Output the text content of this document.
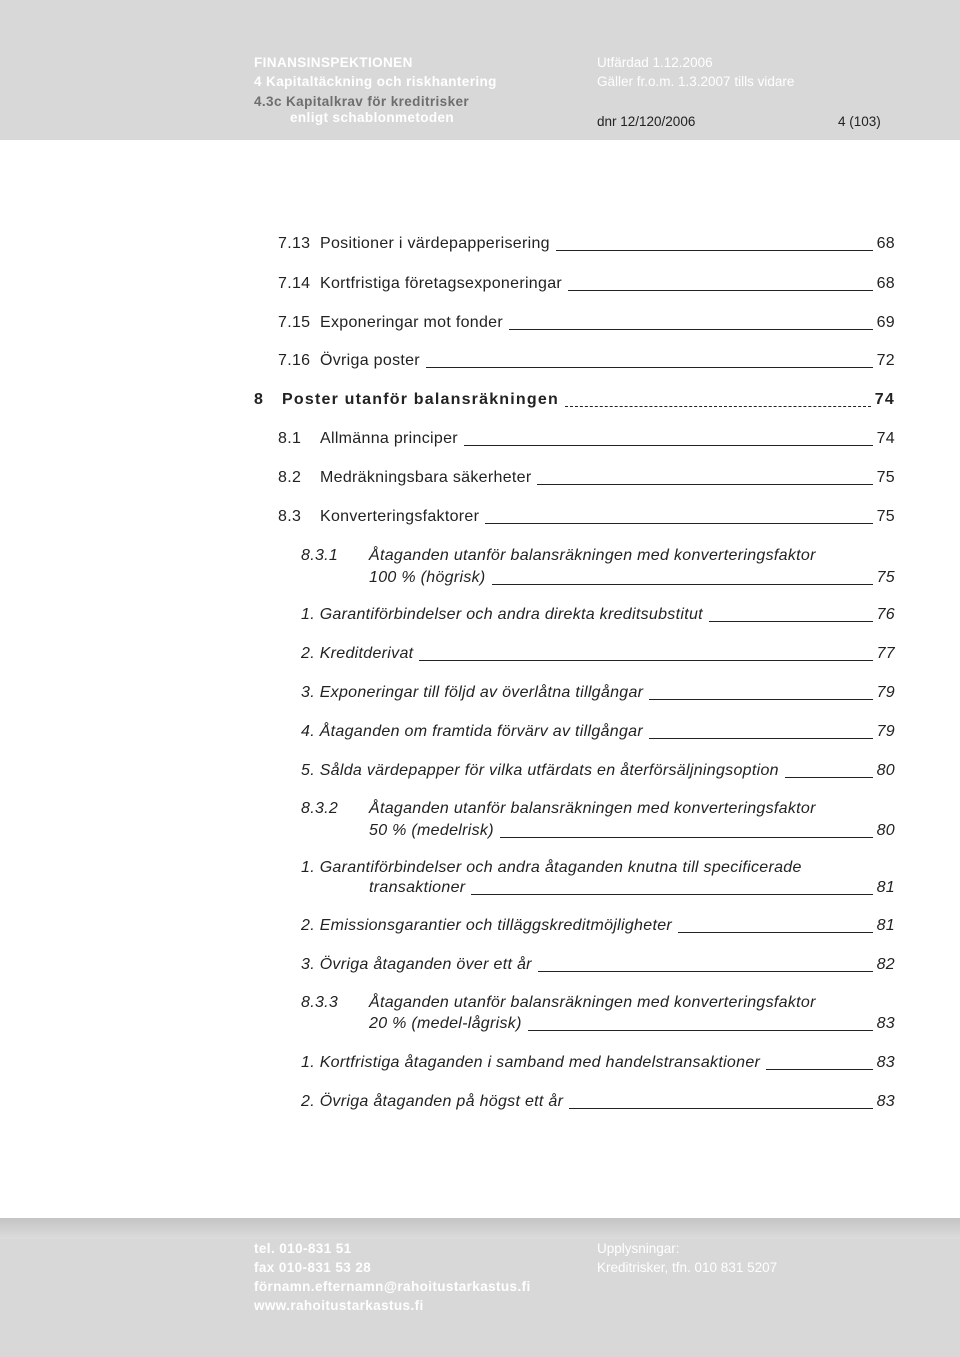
FINANSINSPEKTIONEN
4 Kapitaltäckning och riskhantering
4.3c Kapitalkrav för kreditrisker
enligt schablonmetoden
Utfärdad 1.12.2006
Gäller fr.o.m. 1.3.2007 tills vidare
dnr 12/120/2006	4 (103)
7.13 Positioner i värdepapperisering	68
7.14 Kortfristiga företagsexponeringar	68
7.15 Exponeringar mot fonder	69
7.16 Övriga poster	72
8 Poster utanför balansräkningen	74
8.1 Allmänna principer	74
8.2 Medräkningsbara säkerheter	75
8.3 Konverteringsfaktorer	75
8.3.1 Åtaganden utanför balansräkningen med konverteringsfaktor
100 % (högrisk)	75
1. Garantiförbindelser och andra direkta kreditsubstitut	76
2. Kreditderivat	77
3. Exponeringar till följd av överlåtna tillgångar	79
4. Åtaganden om framtida förvärv av tillgångar	79
5. Sålda värdepapper för vilka utfärdats en återförsäljningsoption	80
8.3.2 Åtaganden utanför balansräkningen med konverteringsfaktor
50 % (medelrisk)	80
1. Garantiförbindelser och andra åtaganden knutna till specificerade
transaktioner	81
2. Emissionsgarantier och tilläggskreditmöjligheter	81
3. Övriga åtaganden över ett år	82
8.3.3 Åtaganden utanför balansräkningen med konverteringsfaktor
20 % (medel-lågrisk)	83
1. Kortfristiga åtaganden i samband med handelstransaktioner	83
2. Övriga åtaganden på högst ett år	83
tel. 010-831 51
fax 010-831 53 28
förnamn.efternamn@rahoitustarkastus.fi
www.rahoitustarkastus.fi
Upplysningar:
Kreditrisker, tfn. 010 831 5207
